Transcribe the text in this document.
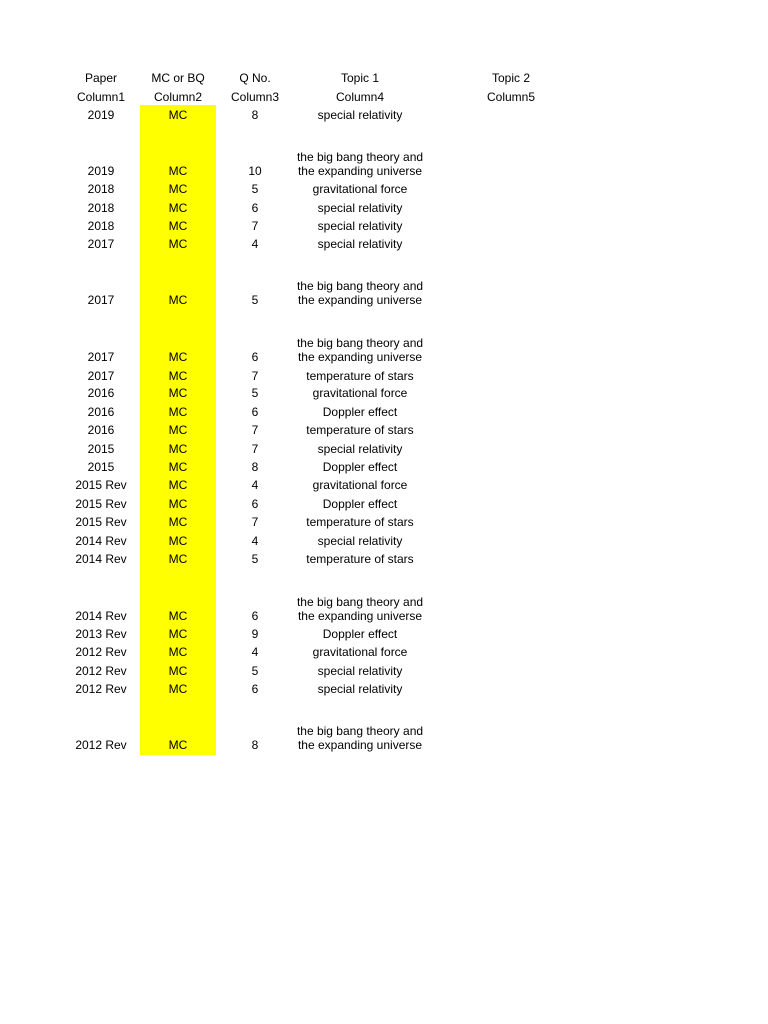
Paper	MC or BQ	Q No.	Topic 1	Topic 2
Column1	Column2	Column3	Column4	Column5
2019	MC	8	special relativity
2019	MC	10
the big bang theory and the expanding universe
2018	MC	5	gravitational force
2018	MC	6	special relativity
2018	MC	7	special relativity
2017	MC	4	special relativity
2017	MC	5
the big bang theory and the expanding universe
2017	MC	6
the big bang theory and the expanding universe
2017	MC	7	temperature of stars
2016	MC	5	gravitational force
2016	MC	6	Doppler effect
2016	MC	7	temperature of stars
2015	MC	7	special relativity
2015	MC	8	Doppler effect
2015 Rev	MC	4	gravitational force
2015 Rev	MC	6	Doppler effect
2015 Rev	MC	7	temperature of stars
2014 Rev	MC	4	special relativity
2014 Rev	MC	5	temperature of stars
2014 Rev	MC	6
the big bang theory and the expanding universe
2013 Rev	MC	9	Doppler effect
2012 Rev	MC	4	gravitational force
2012 Rev	MC	5	special relativity
2012 Rev	MC	6	special relativity
2012 Rev	MC	8
the big bang theory and the expanding universe
